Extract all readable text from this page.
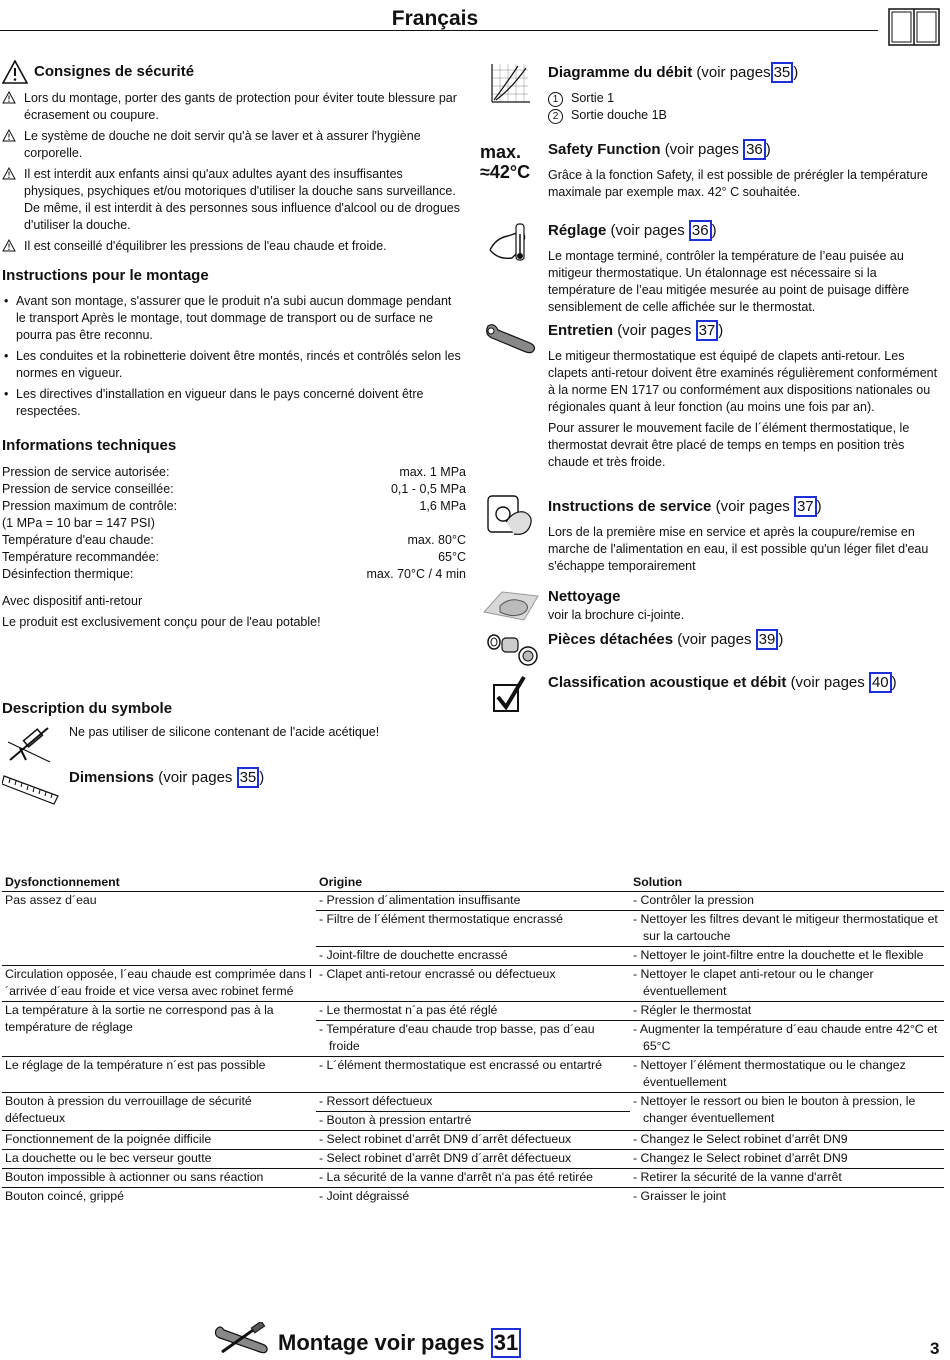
Français
Consignes de sécurité
Lors du montage, porter des gants de protection pour éviter toute blessure par écrasement ou coupure.
Le système de douche ne doit servir qu'à se laver et à assurer l'hygiène corporelle.
Il est interdit aux enfants ainsi qu'aux adultes ayant des insuffisantes physiques, psychiques et/ou motoriques d'utiliser la douche sans surveillance. De même, il est interdit à des personnes sous influence d'alcool ou de drogues d'utiliser la douche.
Il est conseillé d'équilibrer les pressions de l'eau chaude et froide.
Instructions pour le montage
• Avant son montage, s'assurer que le produit n'a subi aucun dommage pendant le transport Après le montage, tout dommage de transport ou de surface ne pourra pas être reconnu.
• Les conduites et la robinetterie doivent être montés, rincés et contrôlés selon les normes en vigueur.
• Les directives d'installation en vigueur dans le pays concerné doivent être respectées.
Informations techniques
Pression de service autorisée:	max. 1 MPa
Pression de service conseillée:	0,1 - 0,5 MPa
Pression maximum de contrôle:	1,6 MPa
(1 MPa = 10 bar = 147 PSI)
Température d'eau chaude:	max. 80°C
Température recommandée:	65°C
Désinfection thermique:	max. 70°C / 4 min
Avec dispositif anti-retour
Le produit est exclusivement conçu pour de l'eau potable!
Description du symbole
Ne pas utiliser de silicone contenant de l'acide acétique!
Dimensions (voir pages 35 )
max.
≈42°C
Diagramme du débit (voir pages 35 )
1 Sortie 1
2 Sortie douche 1B
Safety Function (voir pages 36 )
Grâce à la fonction Safety, il est possible de prérégler la température maximale par exemple max. 42° C souhaitée.
Réglage (voir pages 36 )
Le montage terminé, contrôler la température de l’eau puisée au mitigeur thermostatique. Un étalonnage est nécessaire si la température de l’eau mitigée mesurée au point de puisage diffère sensiblement de celle affichée sur le thermostat.
Entretien (voir pages 37 )
Le mitigeur thermostatique est équipé de clapets anti-retour. Les clapets anti-retour doivent être examinés régulièrement conformément à la norme EN 1717 ou conformément aux dispositions nationales ou régionales quant à leur fonction (au moins une fois par an).
Pour assurer le mouvement facile de l´élément thermostatique, le thermostat devrait être placé de temps en temps en position très chaude et très froide.
Instructions de service (voir pages 37 )
Lors de la première mise en service et après la coupure/remise en marche de l'alimentation en eau, il est possible qu'un léger filet d'eau s'échappe temporairement
Nettoyage
voir la brochure ci-jointe.
Pièces détachées (voir pages 39 )
Classification acoustique et débit (voir pages 40 )
Dysfonctionnement	Origine	Solution
Pas assez d´eau	- Pression d´alimentation insuffisante	- Contrôler la pression

	- Filtre de l´élément thermostatique encrassé	- Nettoyer les filtres devant le mitigeur thermostatique et sur la cartouche

	- Joint-filtre de douchette encrassé	- Nettoyer le joint-filtre entre la douchette et le flexible

Circulation opposée, l´eau chaude est comprimée dans l´arrivée d´eau froide et vice versa avec robinet fermé	- Clapet anti-retour encrassé ou défectueux	- Nettoyer le clapet anti-retour ou le changer éventuellement

La température à la sortie ne correspond pas à la température de réglage	- Le thermostat n´a pas été réglé	- Régler le thermostat

	- Température d'eau chaude trop basse, pas d´eau froide	- Augmenter la température d´eau chaude entre 42°C et 65°C

Le réglage de la température n´est pas possible	- L´élément thermostatique est encrassé ou entartré	- Nettoyer l´élément thermostatique ou le changez éventuellement

Bouton à pression du verrouillage de sécurité défectueux	- Ressort défectueux	- Nettoyer le ressort ou bien le bouton à pression, le changer éventuellement

	- Bouton à pression entartré	

Fonctionnement de la poignée difficile	- Select robinet d’arrêt DN9 d´arrêt défectueux	- Changez le Select robinet d’arrêt DN9

La douchette ou le bec verseur goutte	- Select robinet d’arrêt DN9 d´arrêt défectueux	- Changez le Select robinet d’arrêt DN9

Bouton impossible à actionner ou sans réaction	- La sécurité de la vanne d'arrêt n'a pas été retirée	- Retirer la sécurité de la vanne d'arrêt

Bouton coincé, grippé	- Joint dégraissé	- Graisser le joint
Montage voir pages 31	3
